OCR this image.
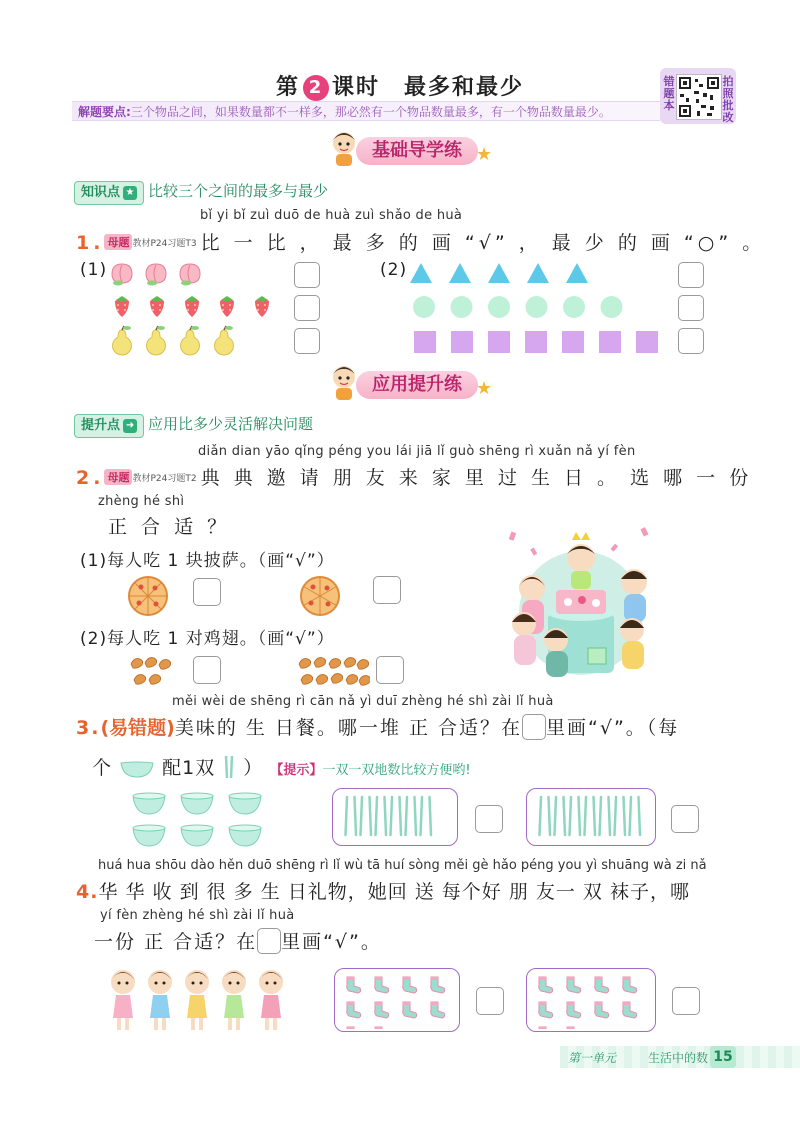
第 2 课时　最多和最少	错题本
拍照批改
解题要点:三个物品之间，如果数量都不一样多，那必然有一个物品数量最多，有一个物品数量最少。
基础导学练 ★
知识点 ★ 比较三个之间的最多与最少
bǐ yi bǐ zuì duō de huà zuì shǎo de huà
1. 母题 教材P24习题T3 比 一 比 ， 最 多 的 画 “√” ， 最 少 的 画 “○” 。
(1)	(2)
应用提升练 ★
提升点 ➜ 应用比多少灵活解决问题
diǎn dian yāo qǐng péng you lái jiā lǐ guò shēng rì xuǎn nǎ yí fèn
2. 母题 教材P24习题T2 典 典 邀 请 朋 友 来 家 里 过 生 日 。 选 哪 一 份
zhèng hé shì
正 合 适 ？
(1)每人吃 1 块披萨。（画“√”）
(2)每人吃 1 对鸡翅。（画“√”）
měi wèi de shēng rì cān nǎ yì duī zhèng hé shì zài lǐ huà
3.(易错题)美味的 生 日餐。哪一堆 正 合适？在 里画“√”。（每
个	配1双 ） 【提示】一双一双地数比较方便哟!
huá hua shōu dào hěn duō shēng rì lǐ wù tā huí sòng měi gè hǎo péng you yì shuāng wà zi nǎ
4.华 华 收 到 很 多 生 日礼物，她回 送 每个好 朋 友一 双 袜子，哪
yí fèn zhèng hé shì zài lǐ huà
一份 正 合适？在 里画“√”。
第一单元	生活中的数 15
